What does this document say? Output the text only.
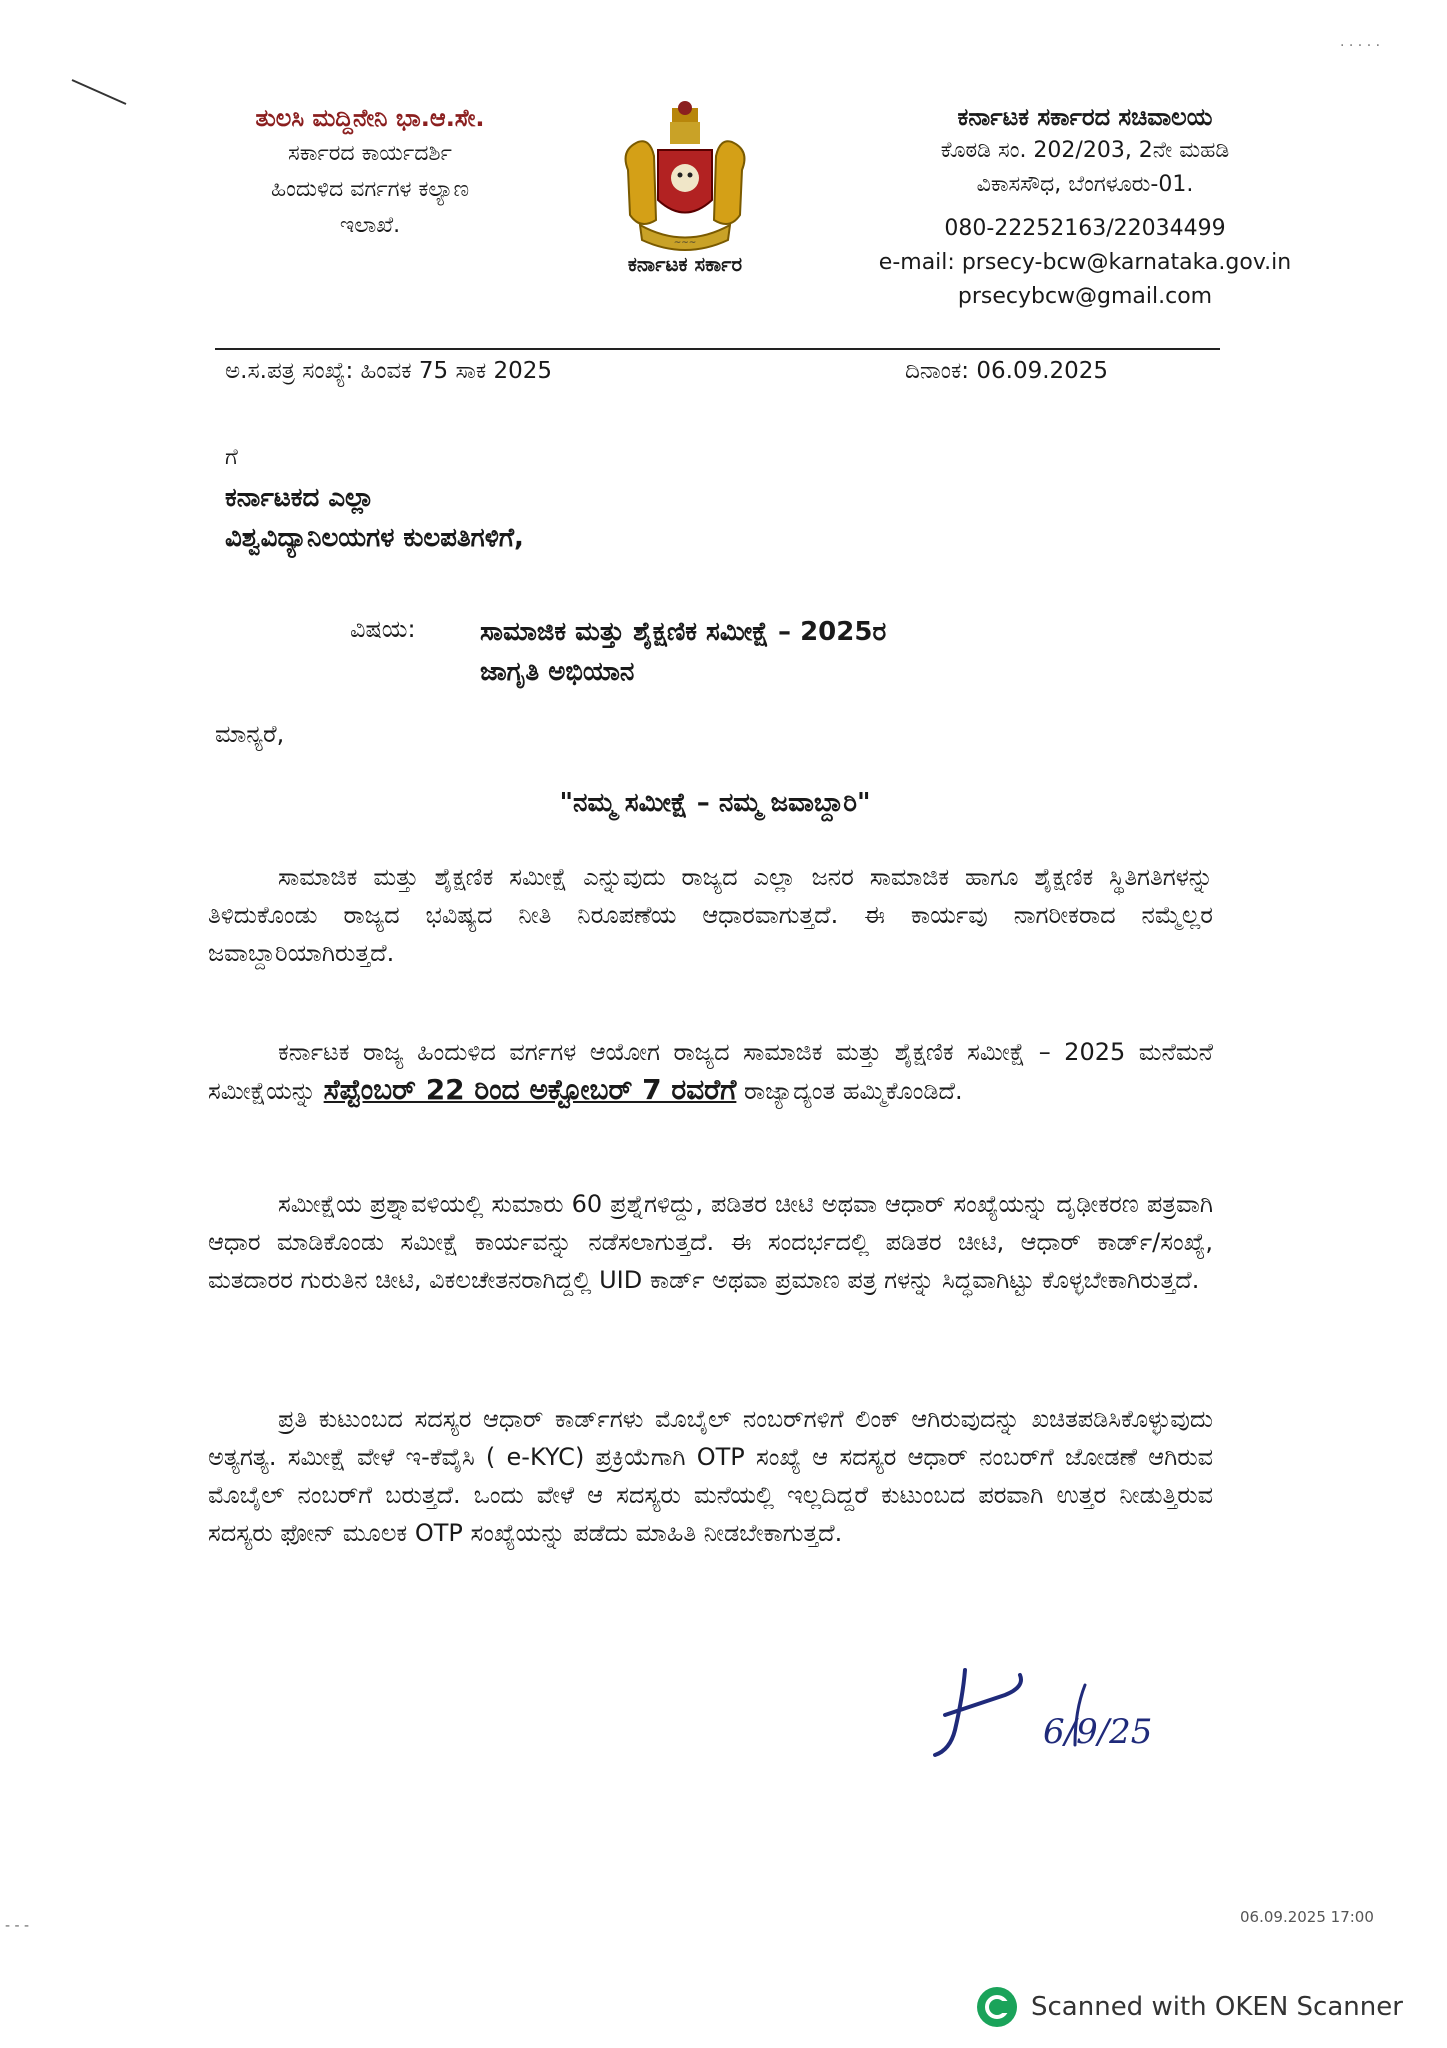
· · · · ·
ತುಲಸಿ ಮದ್ದಿನೇನಿ ಭಾ.ಆ.ಸೇ.
ಸರ್ಕಾರದ ಕಾರ್ಯದರ್ಶಿ
ಹಿಂದುಳಿದ ವರ್ಗಗಳ ಕಲ್ಯಾಣ
ಇಲಾಖೆ.
~~~
ಕರ್ನಾಟಕ ಸರ್ಕಾರ
ಕರ್ನಾಟಕ ಸರ್ಕಾರದ ಸಚಿವಾಲಯ
ಕೊಠಡಿ ಸಂ. 202/203, 2ನೇ ಮಹಡಿ
ವಿಕಾಸಸೌಧ, ಬೆಂಗಳೂರು-01.
080-22252163/22034499
e-mail: prsecy-bcw@karnataka.gov.in
prsecybcw@gmail.com
ಅ.ಸ.ಪತ್ರ ಸಂಖ್ಯೆ: ಹಿಂವಕ 75 ಸಾಕ 2025	ದಿನಾಂಕ: 06.09.2025
ಗೆ
ಕರ್ನಾಟಕದ ಎಲ್ಲಾ
ವಿಶ್ವವಿದ್ಯಾನಿಲಯಗಳ ಕುಲಪತಿಗಳಿಗೆ,
ವಿಷಯ: ಸಾಮಾಜಿಕ ಮತ್ತು ಶೈಕ್ಷಣಿಕ ಸಮೀಕ್ಷೆ – 2025ರ
ಜಾಗೃತಿ ಅಭಿಯಾನ
ಮಾನ್ಯರೆ,
"ನಮ್ಮ ಸಮೀಕ್ಷೆ – ನಮ್ಮ ಜವಾಬ್ದಾರಿ"
ಸಾಮಾಜಿಕ ಮತ್ತು ಶೈಕ್ಷಣಿಕ ಸಮೀಕ್ಷೆ ಎನ್ನುವುದು ರಾಜ್ಯದ ಎಲ್ಲಾ ಜನರ ಸಾಮಾಜಿಕ ಹಾಗೂ ಶೈಕ್ಷಣಿಕ ಸ್ಥಿತಿಗತಿಗಳನ್ನು ತಿಳಿದುಕೊಂಡು ರಾಜ್ಯದ ಭವಿಷ್ಯದ ನೀತಿ ನಿರೂಪಣೆಯ ಆಧಾರವಾಗುತ್ತದೆ. ಈ ಕಾರ್ಯವು ನಾಗರೀಕರಾದ ನಮ್ಮೆಲ್ಲರ ಜವಾಬ್ದಾರಿಯಾಗಿರುತ್ತದೆ.
ಕರ್ನಾಟಕ ರಾಜ್ಯ ಹಿಂದುಳಿದ ವರ್ಗಗಳ ಆಯೋಗ ರಾಜ್ಯದ ಸಾಮಾಜಿಕ ಮತ್ತು ಶೈಕ್ಷಣಿಕ ಸಮೀಕ್ಷೆ – 2025 ಮನೆಮನೆ ಸಮೀಕ್ಷೆಯನ್ನು ಸೆಪ್ಟೆಂಬರ್ 22 ರಿಂದ ಅಕ್ಟೋಬರ್ 7 ರವರೆಗೆ ರಾಜ್ಯಾದ್ಯಂತ ಹಮ್ಮಿಕೊಂಡಿದೆ.
ಸಮೀಕ್ಷೆಯ ಪ್ರಶ್ನಾವಳಿಯಲ್ಲಿ ಸುಮಾರು 60 ಪ್ರಶ್ನೆಗಳಿದ್ದು, ಪಡಿತರ ಚೀಟಿ ಅಥವಾ ಆಧಾರ್ ಸಂಖ್ಯೆಯನ್ನು ದೃಢೀಕರಣ ಪತ್ರವಾಗಿ ಆಧಾರ ಮಾಡಿಕೊಂಡು ಸಮೀಕ್ಷೆ ಕಾರ್ಯವನ್ನು ನಡೆಸಲಾಗುತ್ತದೆ. ಈ ಸಂದರ್ಭದಲ್ಲಿ ಪಡಿತರ ಚೀಟಿ, ಆಧಾರ್ ಕಾರ್ಡ್/ಸಂಖ್ಯೆ, ಮತದಾರರ ಗುರುತಿನ ಚೀಟಿ, ವಿಕಲಚೇತನರಾಗಿದ್ದಲ್ಲಿ UID ಕಾರ್ಡ್ ಅಥವಾ ಪ್ರಮಾಣ ಪತ್ರ ಗಳನ್ನು ಸಿದ್ಧವಾಗಿಟ್ಟು ಕೊಳ್ಳಬೇಕಾಗಿರುತ್ತದೆ.
ಪ್ರತಿ ಕುಟುಂಬದ ಸದಸ್ಯರ ಆಧಾರ್ ಕಾರ್ಡ್‌ಗಳು ಮೊಬೈಲ್ ನಂಬರ್‌ಗಳಿಗೆ ಲಿಂಕ್ ಆಗಿರುವುದನ್ನು ಖಚಿತಪಡಿಸಿಕೊಳ್ಳುವುದು ಅತ್ಯಗತ್ಯ. ಸಮೀಕ್ಷೆ ವೇಳೆ ಇ-ಕೆವೈಸಿ ( e-KYC) ಪ್ರಕ್ರಿಯೆಗಾಗಿ OTP ಸಂಖ್ಯೆ ಆ ಸದಸ್ಯರ ಆಧಾರ್ ನಂಬರ್‌ಗೆ ಜೋಡಣೆ ಆಗಿರುವ ಮೊಬೈಲ್ ನಂಬರ್‌ಗೆ ಬರುತ್ತದೆ. ಒಂದು ವೇಳೆ ಆ ಸದಸ್ಯರು ಮನೆಯಲ್ಲಿ ಇಲ್ಲದಿದ್ದರೆ ಕುಟುಂಬದ ಪರವಾಗಿ ಉತ್ತರ ನೀಡುತ್ತಿರುವ ಸದಸ್ಯರು ಫೋನ್ ಮೂಲಕ OTP ಸಂಖ್ಯೆಯನ್ನು ಪಡೆದು ಮಾಹಿತಿ ನೀಡಬೇಕಾಗುತ್ತದೆ.
6/9/25
- - -	06.09.2025 17:00
Scanned with OKEN Scanner
